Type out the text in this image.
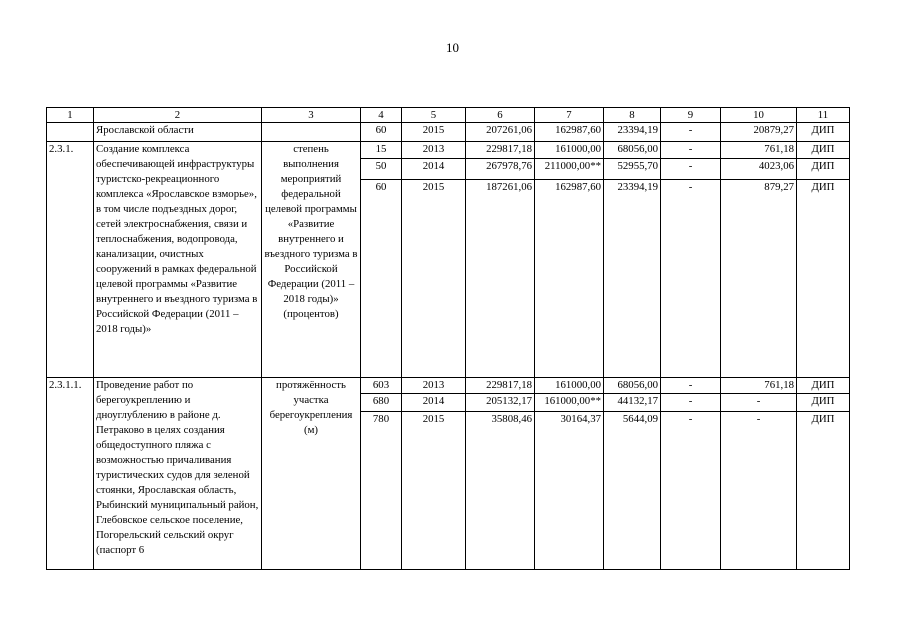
10
1	2	3	4	5	6	7	8	9	10	11
	Ярославской области		60	2015	207261,06	162987,60	23394,19	-	20879,27	ДИП
2.3.1.	Создание комплекса обеспечивающей инфраструктуры туристско-рекреационного комплекса «Ярославское взморье», в том числе подъездных дорог, сетей электроснабжения, связи и теплоснабжения, водопровода, канализации, очистных сооружений в рамках федеральной целевой программы «Развитие внутреннего и въездного туризма в Российской Федерации (2011 – 2018 годы)»	степень выполнения мероприятий федеральной целевой программы «Развитие внутреннего и въездного туризма в Российской Федерации (2011 – 2018 годы)» (процентов)	15	2013	229817,18	161000,00	68056,00	-	761,18	ДИП
			50	2014	267978,76	211000,00**	52955,70	-	4023,06	ДИП
			60	2015	187261,06	162987,60	23394,19	-	879,27	ДИП
2.3.1.1.	Проведение работ по берегоукреплению и дноуглублению в районе д. Петраково в целях создания общедоступного пляжа с возможностью причаливания туристических судов для зеленой стоянки, Ярославская область, Рыбинский муниципальный район, Глебовское сельское поселение, Погорельский сельский округ (паспорт 6	протяжённость участка берегоукрепления (м)	603	2013	229817,18	161000,00	68056,00	-	761,18	ДИП
			680	2014	205132,17	161000,00**	44132,17	-	-	ДИП
			780	2015	35808,46	30164,37	5644,09	-	-	ДИП
